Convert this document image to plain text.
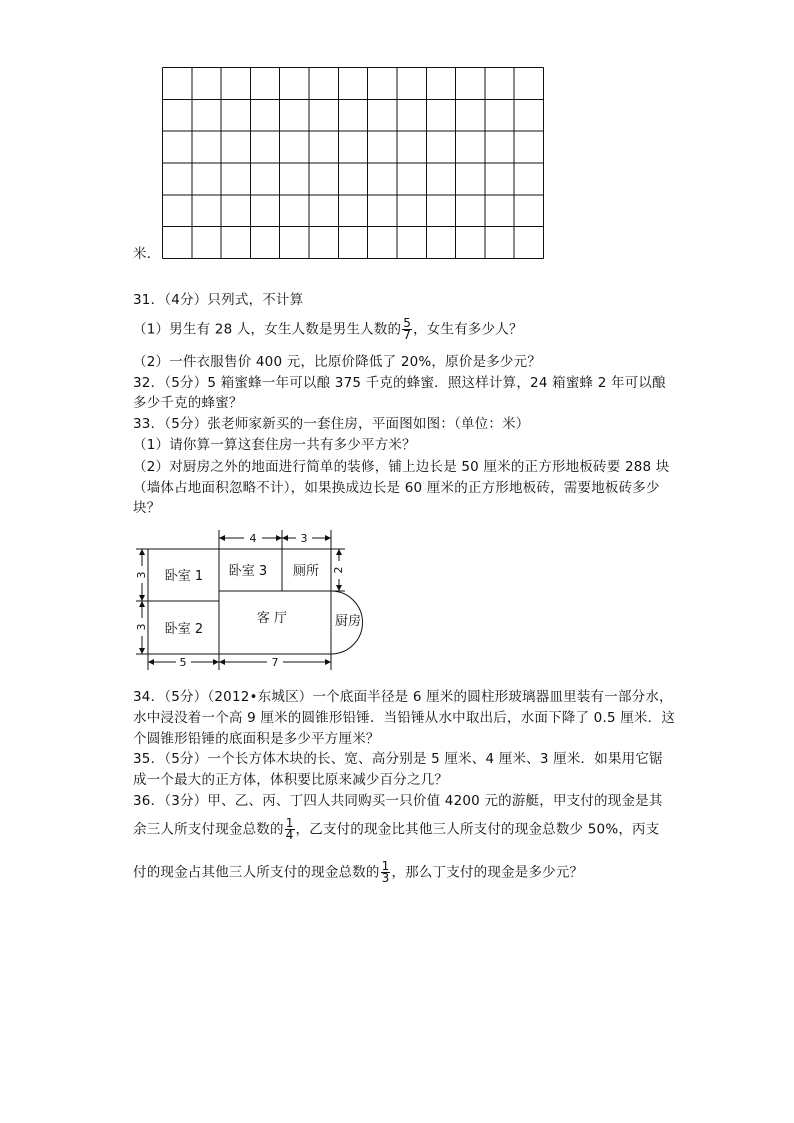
米．
31．（4分）只列式，不计算
（1）男生有 28 人，女生人数是男生人数的 $\frac{5}{7}$ ，女生有多少人？
（2）一件衣服售价 400 元，比原价降低了 20%，原价是多少元？
32．（5分）5 箱蜜蜂一年可以酿 375 千克的蜂蜜．照这样计算，24 箱蜜蜂 2 年可以酿
多少千克的蜂蜜？
33．（5分）张老师家新买的一套住房，平面图如图：（单位：米）
（1）请你算一算这套住房一共有多少平方米？
（2）对厨房之外的地面进行简单的装修，铺上边长是 50 厘米的正方形地板砖要 288 块
（墙体占地面积忽略不计），如果换成边长是 60 厘米的正方形地板砖，需要地板砖多少
块？
卧室 1
卧室 2
卧室 3 厕所
客 厅	厨房
4	3
5	7
3
3
2
34．（5分）（2012•东城区）一个底面半径是 6 厘米的圆柱形玻璃器皿里装有一部分水，
水中浸没着一个高 9 厘米的圆锥形铅锤．当铅锤从水中取出后，水面下降了 0.5 厘米．这
个圆锥形铅锤的底面积是多少平方厘米？
35．（5分）一个长方体木块的长、宽、高分别是 5 厘米、4 厘米、3 厘米．如果用它锯
成一个最大的正方体，体积要比原来减少百分之几？
36．（3分）甲、乙、丙、丁四人共同购买一只价值 4200 元的游艇，甲支付的现金是其
余三人所支付现金总数的 $\frac{1}{4}$ ，乙支付的现金比其他三人所支付的现金总数少 50%，丙支
付的现金占其他三人所支付的现金总数的 $\frac{1}{3}$ ，那么丁支付的现金是多少元？
